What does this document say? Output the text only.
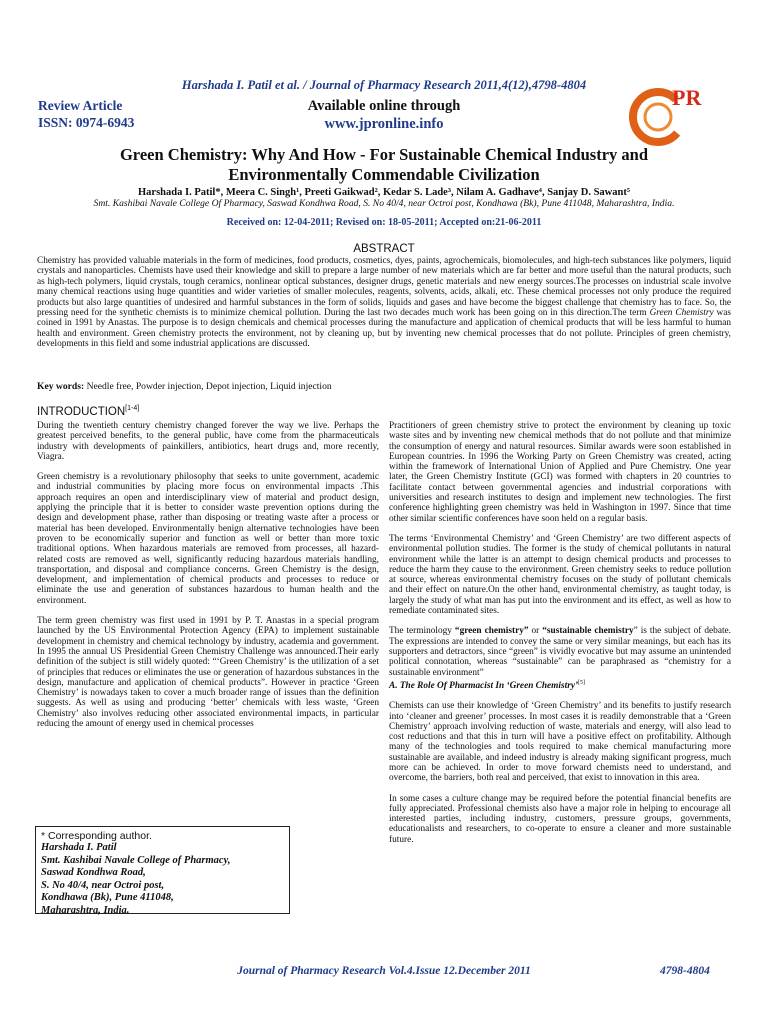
Harshada I. Patil et al. / Journal of Pharmacy Research 2011,4(12),4798-4804
Review Article
ISSN: 0974-6943
Available online through
www.jpronline.info
PR
Green Chemistry: Why And How - For Sustainable Chemical Industry and
Environmentally Commendable Civilization
Harshada I. Patil*, Meera C. Singh¹, Preeti Gaikwad², Kedar S. Lade³, Nilam A. Gadhave⁴, Sanjay D. Sawant⁵
Smt. Kashibai Navale College Of Pharmacy, Saswad Kondhwa Road, S. No 40/4, near Octroi post, Kondhawa (Bk), Pune 411048, Maharashtra, India.
Received on: 12-04-2011; Revised on: 18-05-2011; Accepted on:21-06-2011
ABSTRACT
Chemistry has provided valuable materials in the form of medicines, food products, cosmetics, dyes, paints, agrochemicals, biomolecules, and high-tech substances like polymers, liquid crystals and nanoparticles. Chemists have used their knowledge and skill to prepare a large number of new materials which are far better and more useful than the natural products, such as high-tech polymers, liquid crystals, tough ceramics, nonlinear optical substances, designer drugs, genetic materials and new energy sources.The processes on industrial scale involve many chemical reactions using huge quantities and wider varieties of smaller molecules, reagents, solvents, acids, alkali, etc. These chemical processes not only produce the required products but also large quantities of undesired and harmful substances in the form of solids, liquids and gases and have become the biggest challenge that chemistry has to face. So, the pressing need for the synthetic chemists is to minimize chemical pollution. During the last two decades much work has been going on in this direction.The term Green Chemistry was coined in 1991 by Anastas. The purpose is to design chemicals and chemical processes during the manufacture and application of chemical products that will be less harmful to human health and environment. Green chemistry protects the environment, not by cleaning up, but by inventing new chemical processes that do not pollute. Principles of green chemistry, developments in this field and some industrial applications are discussed.
Key words: Needle free, Powder injection, Depot injection, Liquid injection
INTRODUCTION[1-4]

During the twentieth century chemistry changed forever the way we live. Perhaps the greatest perceived benefits, to the general public, have come from the pharmaceuticals industry with developments of painkillers, antibiotics, heart drugs and, more recently, Viagra.

Green chemistry is a revolutionary philosophy that seeks to unite government, academic and industrial communities by placing more focus on environmental impacts .This approach requires an open and interdisciplinary view of material and product design, applying the principle that it is better to consider waste prevention options during the design and development phase, rather than disposing or treating waste after a process or material has been developed. Environmentally benign alternative technologies have been proven to be economically superior and function as well or better than more toxic traditional options. When hazardous materials are removed from processes, all hazard-related costs are removed as well, significantly reducing hazardous materials handling, transportation, and disposal and compliance concerns. Green Chemistry is the design, development, and implementation of chemical products and processes to reduce or eliminate the use and generation of substances hazardous to human health and the environment.

The term green chemistry was first used in 1991 by P. T. Anastas in a special program launched by the US Environmental Protection Agency (EPA) to implement sustainable development in chemistry and chemical technology by industry, academia and government. In 1995 the annual US Presidential Green Chemistry Challenge was announced.Their early definition of the subject is still widely quoted: “‘Green Chemistry’ is the utilization of a set of principles that reduces or eliminates the use or generation of hazardous substances in the design, manufacture and application of chemical products”. However in practice ‘Green Chemistry’ is nowadays taken to cover a much broader range of issues than the definition suggests. As well as using and producing ‘better’ chemicals with less waste, ‘Green Chemistry’ also involves reducing other associated environmental impacts, in particular reducing the amount of energy used in chemical processes

* Corresponding author.
Harshada I. Patil
Smt. Kashibai Navale College of Pharmacy,
Saswad Kondhwa Road,
S. No 40/4, near Octroi post,
Kondhawa (Bk), Pune 411048,
Maharashtra, India.

Practitioners of green chemistry strive to protect the environment by cleaning up toxic waste sites and by inventing new chemical methods that do not pollute and that minimize the consumption of energy and natural resources. Similar awards were soon established in European countries. In 1996 the Working Party on Green Chemistry was created, acting within the framework of International Union of Applied and Pure Chemistry. One year later, the Green Chemistry Institute (GCI) was formed with chapters in 20 countries to facilitate contact between governmental agencies and industrial corporations with universities and research institutes to design and implement new technologies. The first conference highlighting green chemistry was held in Washington in 1997. Since that time other similar scientific conferences have soon held on a regular basis.

The terms ‘Environmental Chemistry’ and ‘Green Chemistry’ are two different aspects of environmental pollution studies. The former is the study of chemical pollutants in natural environment while the latter is an attempt to design chemical products and processes to reduce the harm they cause to the environment. Green chemistry seeks to reduce pollution at source, whereas environmental chemistry focuses on the study of pollutant chemicals and their effect on nature.On the other hand, environmental chemistry, as taught today, is largely the study of what man has put into the environment and its effect, as well as how to remediate contaminated sites.

The terminology “green chemistry” or “sustainable chemistry” is the subject of debate. The expressions are intended to convey the same or very similar meanings, but each has its supporters and detractors, since “green” is vividly evocative but may assume an unintended political connotation, whereas “sustainable” can be paraphrased as “chemistry for a sustainable environment”
A. The Role Of Pharmacist In ‘Green Chemistry’[5]

Chemists can use their knowledge of ‘Green Chemistry’ and its benefits to justify research into ‘cleaner and greener’ processes. In most cases it is readily demonstrable that a ‘Green Chemistry’ approach involving reduction of waste, materials and energy, will also lead to cost reductions and that this in turn will have a positive effect on profitability. Although many of the technologies and tools required to make chemical manufacturing more sustainable are available, and indeed industry is already making significant progress, much more can be achieved. In order to move forward chemists need to understand, and overcome, the barriers, both real and perceived, that exist to innovation in this area.

In some cases a culture change may be required before the potential financial benefits are fully appreciated. Professional chemists also have a major role in helping to encourage all interested parties, including industry, customers, pressure groups, governments, educationalists and researchers, to co-operate to ensure a cleaner and more sustainable future.

Journal of Pharmacy Research Vol.4.Issue 12.December 2011	4798-4804
